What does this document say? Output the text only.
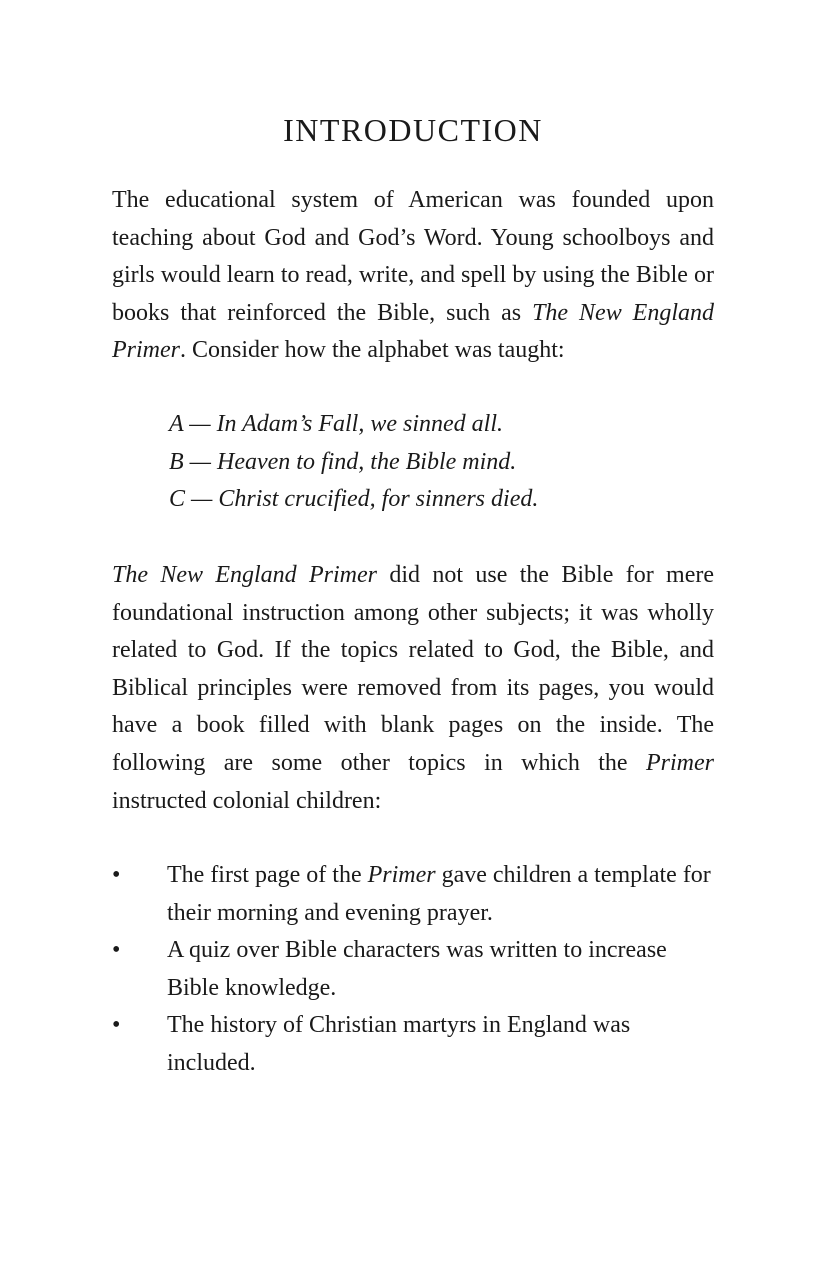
INTRODUCTION

The educational system of American was founded upon teaching about God and God’s Word. Young schoolboys and girls would learn to read, write, and spell by using the Bible or books that reinforced the Bible, such as The New England Primer. Consider how the alphabet was taught:

A — In Adam’s Fall, we sinned all.
B — Heaven to find, the Bible mind.
C — Christ crucified, for sinners died.

The New England Primer did not use the Bible for mere foundational instruction among other subjects; it was wholly related to God. If the topics related to God, the Bible, and Biblical principles were removed from its pages, you would have a book filled with blank pages on the inside. The following are some other topics in which the Primer instructed colonial children:

• The first page of the Primer gave children a template for their morning and evening prayer.
• A quiz over Bible characters was written to increase Bible knowledge.
• The history of Christian martyrs in England was included.
